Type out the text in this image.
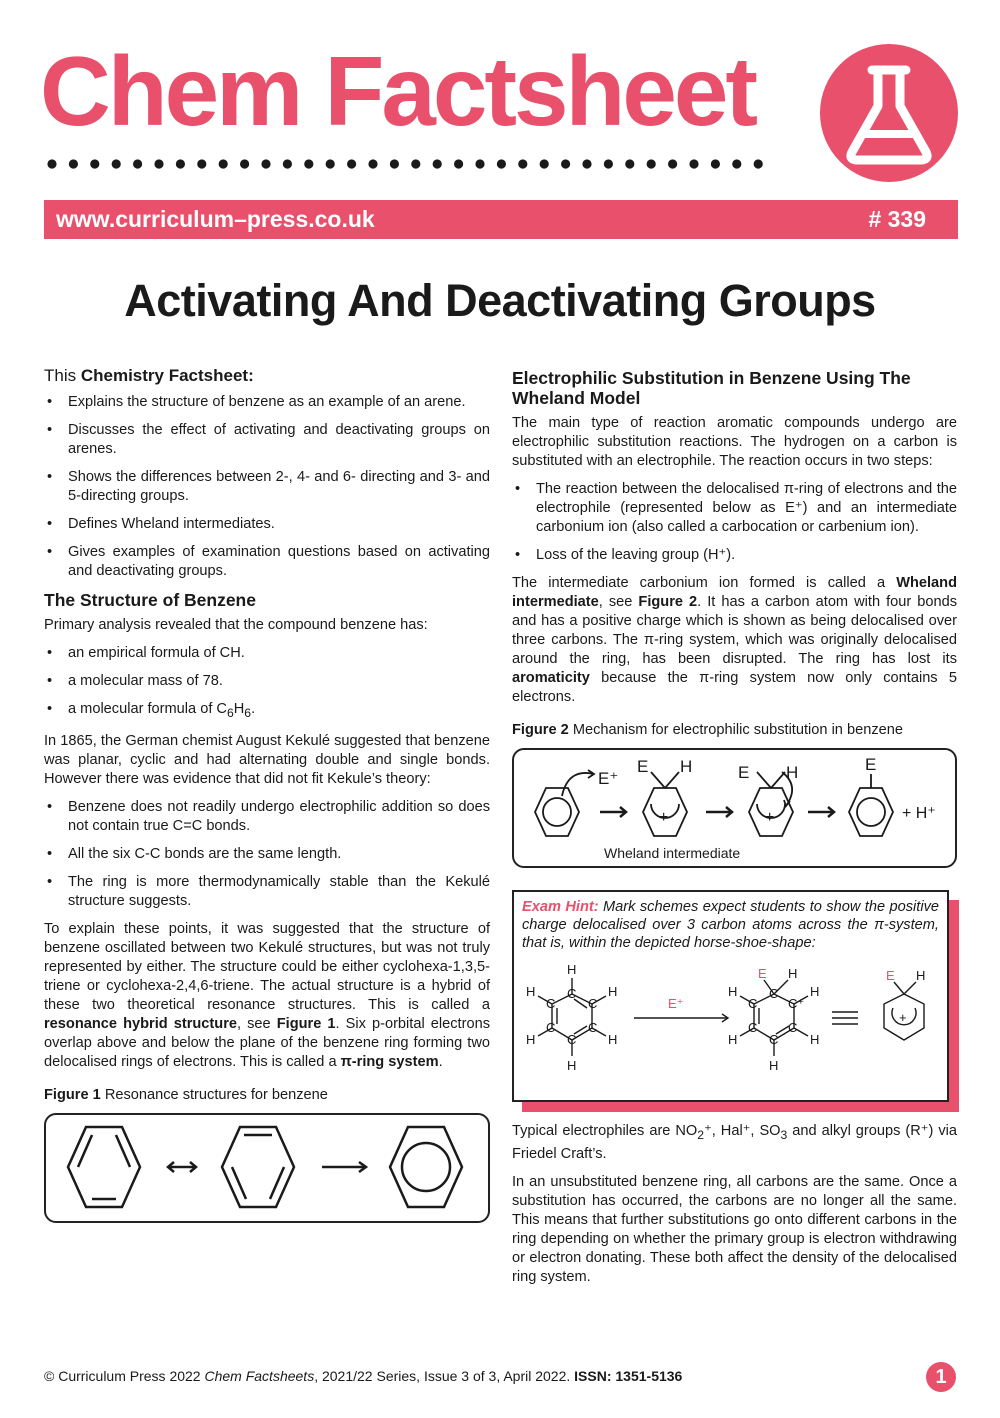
Chem Factsheet
www.curriculum–press.co.uk	# 339
Activating And Deactivating Groups
This Chemistry Factsheet:
• Explains the structure of benzene as an example of an arene.
• Discusses the effect of activating and deactivating groups on arenes.
• Shows the differences between 2-, 4- and 6- directing and 3- and 5-directing groups.
• Defines Wheland intermediates.
• Gives examples of examination questions based on activating and deactivating groups.
The Structure of Benzene

Primary analysis revealed that the compound benzene has:

• an empirical formula of CH.
• a molecular mass of 78.
• a molecular formula of $C_6H_6$.

In 1865, the German chemist August Kekulé suggested that benzene was planar, cyclic and had alternating double and single bonds. However there was evidence that did not fit Kekule’s theory:

• Benzene does not readily undergo electrophilic addition so does not contain true C=C bonds.
• All the six C-C bonds are the same length.
• The ring is more thermodynamically stable than the Kekulé structure suggests.

To explain these points, it was suggested that the structure of benzene oscillated between two Kekulé structures, but was not truly represented by either. The structure could be either cyclohexa-1,3,5-triene or cyclohexa-2,4,6-triene. The actual structure is a hybrid of these two theoretical resonance structures. This is called a resonance hybrid structure, see Figure 1. Six p-orbital electrons overlap above and below the plane of the benzene ring forming two delocalised rings of electrons. This is called a π-ring system.

Figure 1 Resonance structures for benzene
Electrophilic Substitution in Benzene Using The Wheland Model

The main type of reaction aromatic compounds undergo are electrophilic substitution reactions. The hydrogen on a carbon is substituted with an electrophile. The reaction occurs in two steps:

• The reaction between the delocalised π-ring of electrons and the electrophile (represented below as E⁺) and an intermediate carbonium ion (also called a carbocation or carbenium ion).
• Loss of the leaving group (H⁺).

The intermediate carbonium ion formed is called a Wheland intermediate, see Figure 2. It has a carbon atom with four bonds and has a positive charge which is shown as being delocalised over three carbons. The π-ring system, which was originally delocalised around the ring, has been disrupted. The ring has lost its aromaticity because the π-ring system now only contains 5 electrons.

Figure 2 Mechanism for electrophilic substitution in benzene
E⁺
E H
+
E H
+
E
+ H⁺
Wheland intermediate
Exam Hint: Mark schemes expect students to show the positive charge delocalised over 3 carbon atoms across the π-system, that is, within the depicted horse-shoe-shape:
H
H
H
H
H
H C
C
C
C
C
C	E⁺
E H
H
H
H
H
H C
C⁺
C
C
C
C
E H
+

Typical electrophiles are $NO_2^+$, Hal⁺, $SO_3$ and alkyl groups (R⁺) via Friedel Craft’s.

In an unsubstituted benzene ring, all carbons are the same. Once a substitution has occurred, the carbons are no longer all the same. This means that further substitutions go onto different carbons in the ring depending on whether the primary group is electron withdrawing or electron donating. These both affect the density of the delocalised ring system.

© Curriculum Press 2022 Chem Factsheets, 2021/22 Series, Issue 3 of 3, April 2022. ISSN: 1351-5136	1
